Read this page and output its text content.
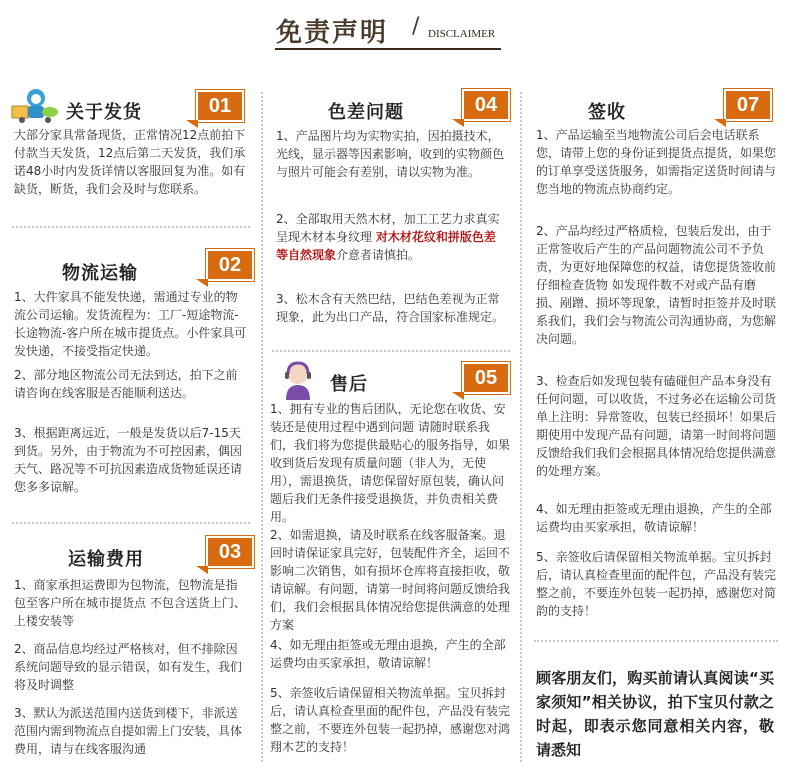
免责声明 / DISCLAIMER
关于发货	01
大部分家具常备现货，正常情况12点前拍下付款当天发货，12点后第二天发货，我们承诺48小时内发货详情以客服回复为准。如有缺货，断货，我们会及时与您联系。
物流运输	02
1、大件家具不能发快递，需通过专业的物流公司运输。发货流程为：工厂-短途物流-长途物流-客户所在城市提货点。小件家具可发快递，不接受指定快递。
2、部分地区物流公司无法到达，拍下之前请咨询在线客服是否能顺利送达。
3、根据距离远近，一般是发货以后7-15天到货。另外，由于物流为不可控因素，偶因天气、路况等不可抗因素造成货物延误还请您多多谅解。
运输费用	03
1、商家承担运费即为包物流，包物流是指包至客户所在城市提货点 不包含送货上门、上楼安装等
2、商品信息均经过严格核对，但不排除因系统问题导致的显示错误，如有发生，我们将及时调整
3、默认为派送范围内送货到楼下，非派送范围内需到物流点自提如需上门安装，具体费用，请与在线客服沟通
色差问题	04
1、产品图片均为实物实拍，因拍摄技术，光线，显示器等因素影响，收到的实物颜色与照片可能会有差别，请以实物为准。
2、全部取用天然木材，加工工艺力求真实呈现木材本身纹理 对木材花纹和拼版色差等自然现象介意者请慎拍。
3、松木含有天然巴结，巴结色差视为正常现象，此为出口产品，符合国家标准规定。
售后	05
1、拥有专业的售后团队，无论您在收货、安装还是使用过程中遇到问题 请随时联系我们，我们将为您提供最贴心的服务指导，如果收到货后发现有质量问题（非人为，无使用），需退换货，请您保留好原包装，确认问题后我们无条件接受退换货，并负责相关费用。
2、如需退换，请及时联系在线客服备案。退回时请保证家具完好，包装配件齐全，运回不影响二次销售，如有损坏仓库将直接拒收，敬请谅解。有问题，请第一时间将问题反馈给我们，我们会根据具体情况给您提供满意的处理方案
4、如无理由拒签或无理由退换，产生的全部运费均由买家承担，敬请谅解！
5、亲签收后请保留相关物流单据。宝贝拆封后，请认真检查里面的配件包，产品没有装完整之前，不要连外包装一起扔掉，感谢您对鸿翔木艺的支持！
签收	07
1、产品运输至当地物流公司后会电话联系您，请带上您的身份证到提货点提货，如果您的订单享受送货服务，如需指定送货时间请与您当地的物流点协商约定。
2、产品均经过严格质检，包装后发出，由于正常签收后产生的产品问题物流公司不予负责，为更好地保障您的权益，请您提货签收前仔细检查货物 如发现件数不对或产品有磨损、剐蹭、损坏等现象，请暂时拒签并及时联系我们，我们会与物流公司沟通协商，为您解决问题。
3、检查后如发现包装有磕碰但产品本身没有任何问题，可以收货，不过务必在运输公司货单上注明：异常签收，包装已经损坏！如果后期使用中发现产品有问题，请第一时间将问题反馈给我们我们会根据具体情况给您提供满意的处理方案。
4、如无理由拒签或无理由退换，产生的全部运费均由买家承担，敬请谅解！
5、亲签收后请保留相关物流单据。宝贝拆封后，请认真检查里面的配件包，产品没有装完整之前，不要连外包装一起扔掉，感谢您对简韵的支持！
顾客朋友们，购买前请认真阅读“买家须知”相关协议，拍下宝贝付款之时起，即表示您同意相关内容，敬请悉知
